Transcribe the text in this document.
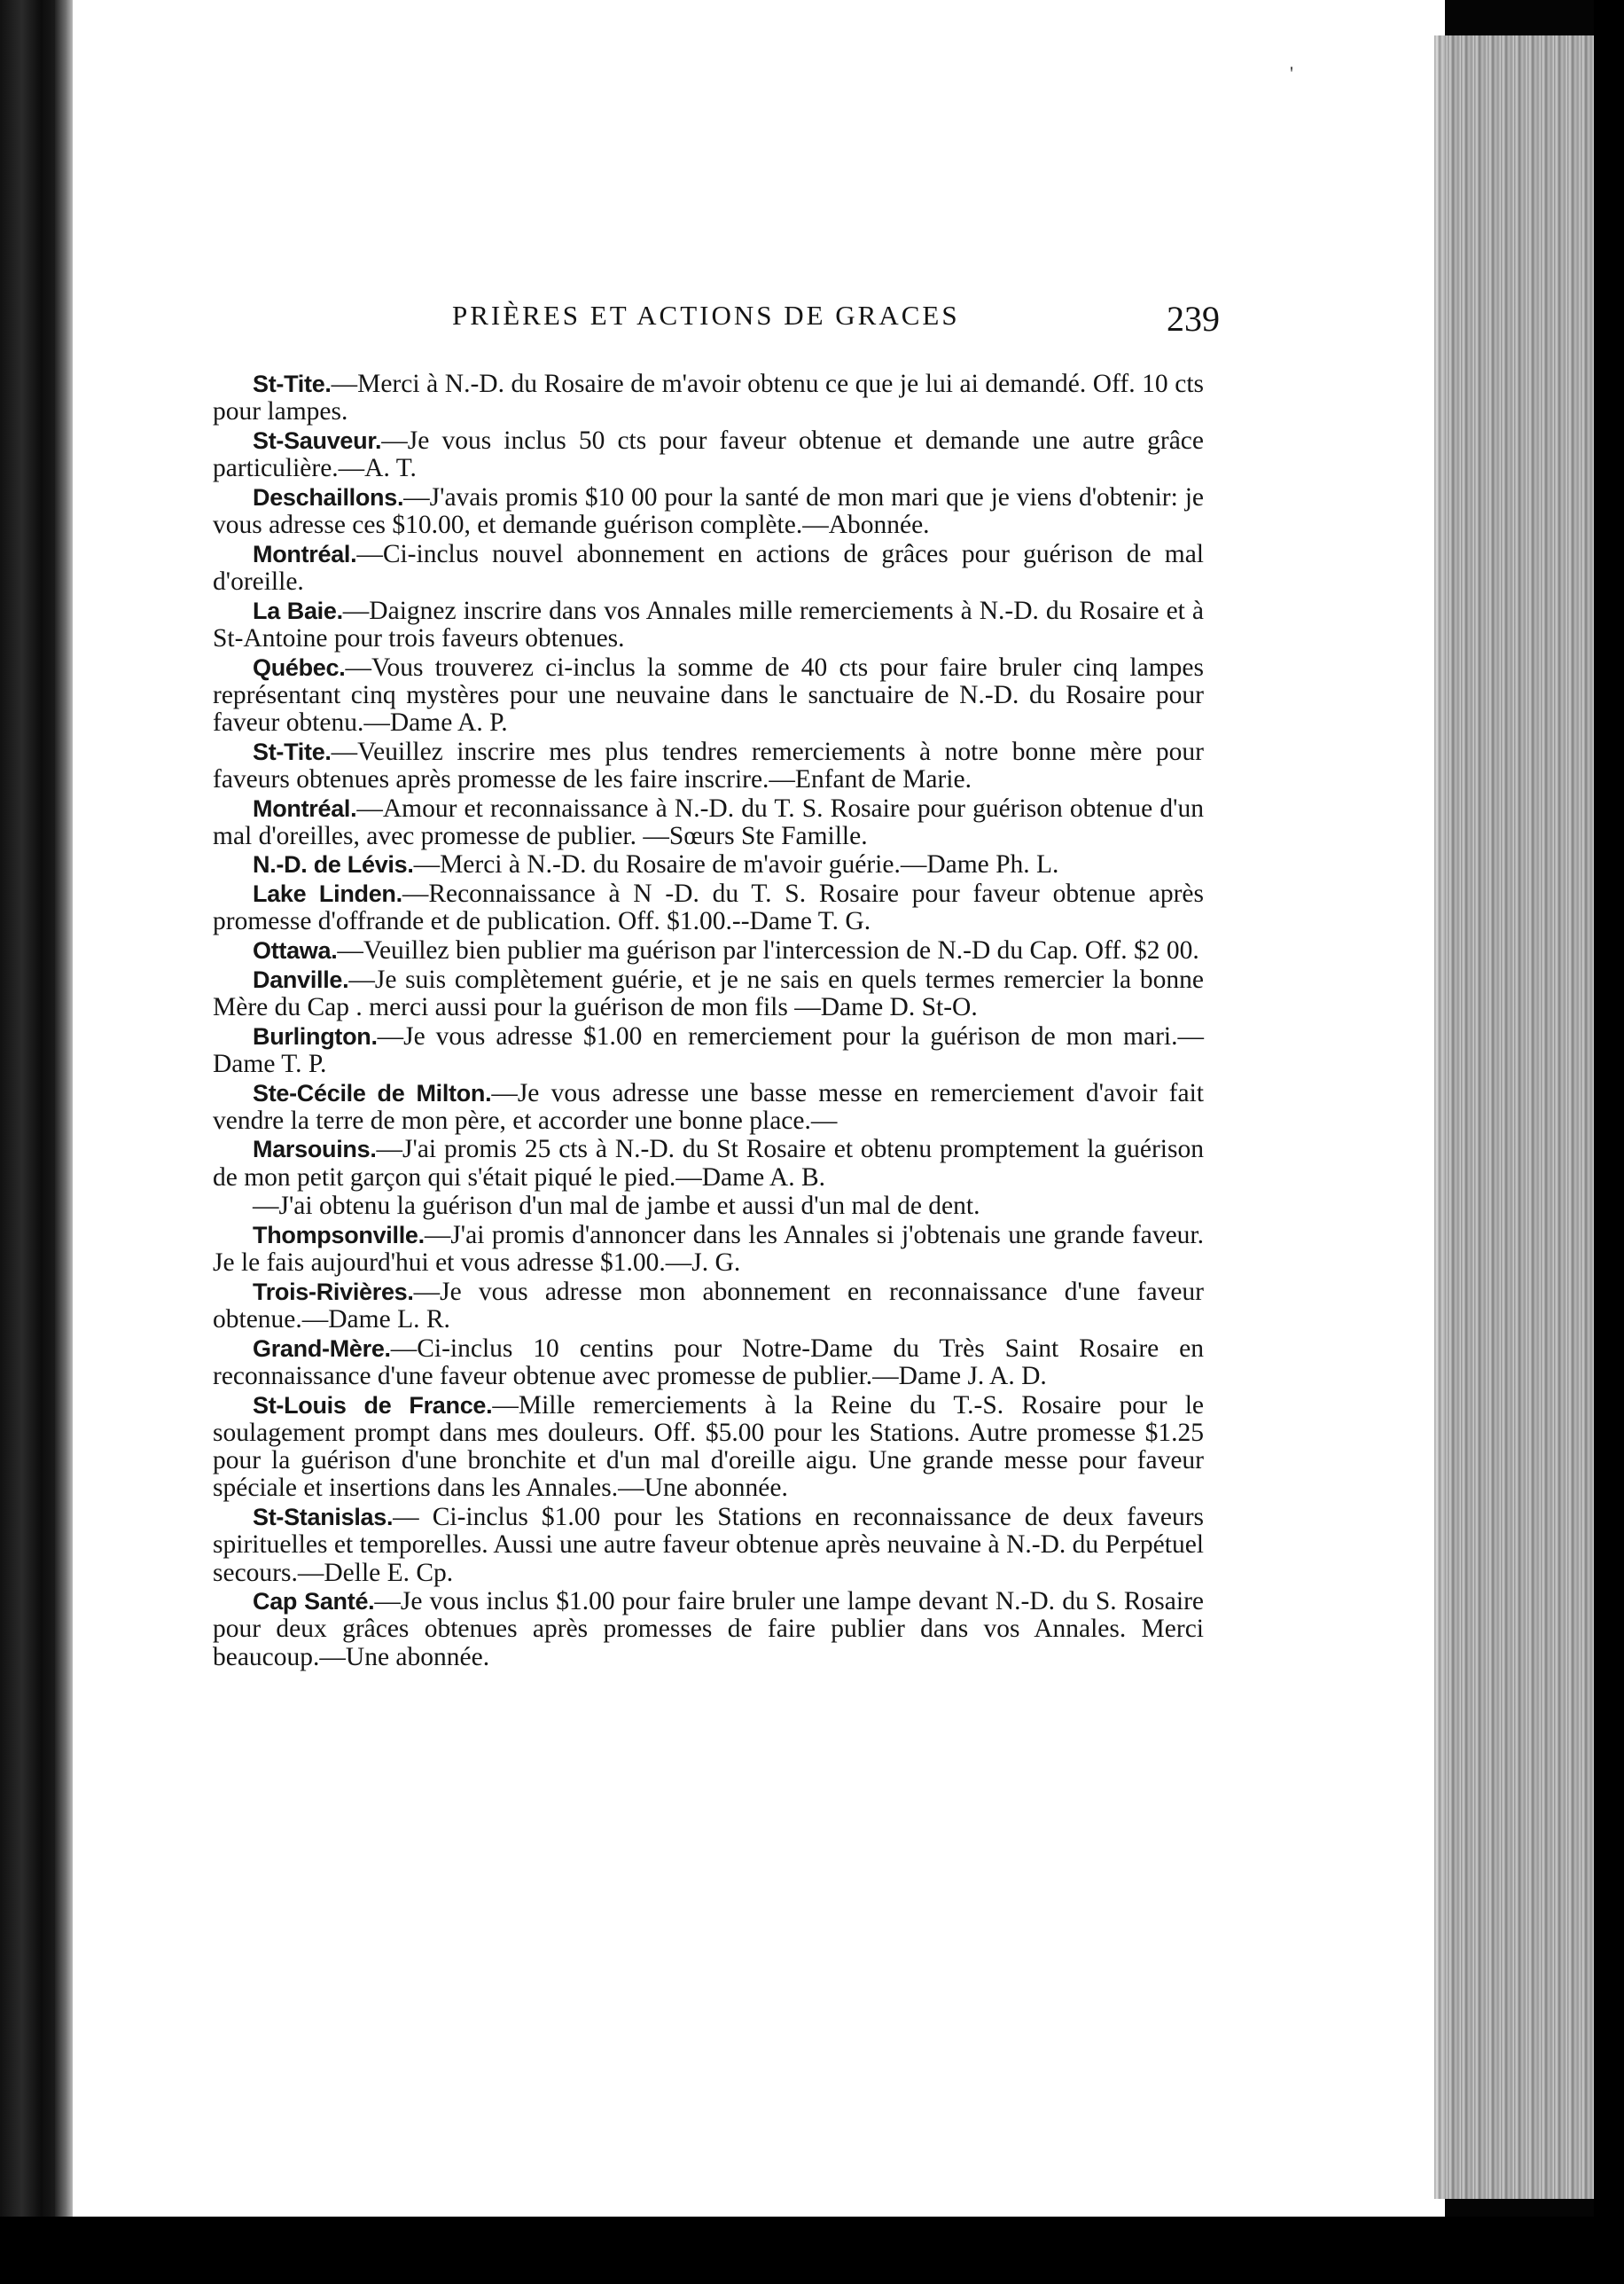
PRIÈRES ET ACTIONS DE GRACES	239

St-Tite.—Merci à N.-D. du Rosaire de m'avoir obtenu ce que je lui ai demandé. Off. 10 cts pour lampes.

St-Sauveur.—Je vous inclus 50 cts pour faveur obtenue et demande une autre grâce particulière.—A. T.

Deschaillons.—J'avais promis $10 00 pour la santé de mon mari que je viens d'obtenir: je vous adresse ces $10.00, et demande guérison complète.—Abonnée.

Montréal.—Ci-inclus nouvel abonnement en actions de grâces pour guérison de mal d'oreille.

La Baie.—Daignez inscrire dans vos Annales mille remerciements à N.-D. du Rosaire et à St-Antoine pour trois faveurs obtenues.

Québec.—Vous trouverez ci-inclus la somme de 40 cts pour faire bruler cinq lampes représentant cinq mystères pour une neuvaine dans le sanctuaire de N.-D. du Rosaire pour faveur obtenu.—Dame A. P.

St-Tite.—Veuillez inscrire mes plus tendres remerciements à notre bonne mère pour faveurs obtenues après promesse de les faire inscrire.—Enfant de Marie.

Montréal.—Amour et reconnaissance à N.-D. du T. S. Rosaire pour guérison obtenue d'un mal d'oreilles, avec promesse de publier. —Sœurs Ste Famille.

N.-D. de Lévis.—Merci à N.-D. du Rosaire de m'avoir guérie.—Dame Ph. L.

Lake Linden.—Reconnaissance à N -D. du T. S. Rosaire pour faveur obtenue après promesse d'offrande et de publication. Off. $1.00.--Dame T. G.

Ottawa.—Veuillez bien publier ma guérison par l'intercession de N.-D du Cap. Off. $2 00.

Danville.—Je suis complètement guérie, et je ne sais en quels termes remercier la bonne Mère du Cap . merci aussi pour la guérison de mon fils —Dame D. St-O.

Burlington.—Je vous adresse $1.00 en remerciement pour la guérison de mon mari.—Dame T. P.

Ste-Cécile de Milton.—Je vous adresse une basse messe en remerciement d'avoir fait vendre la terre de mon père, et accorder une bonne place.—

Marsouins.—J'ai promis 25 cts à N.-D. du St Rosaire et obtenu promptement la guérison de mon petit garçon qui s'était piqué le pied.—Dame A. B.

—J'ai obtenu la guérison d'un mal de jambe et aussi d'un mal de dent.

Thompsonville.—J'ai promis d'annoncer dans les Annales si j'obtenais une grande faveur. Je le fais aujourd'hui et vous adresse $1.00.—J. G.

Trois-Rivières.—Je vous adresse mon abonnement en reconnaissance d'une faveur obtenue.—Dame L. R.

Grand-Mère.—Ci-inclus 10 centins pour Notre-Dame du Très Saint Rosaire en reconnaissance d'une faveur obtenue avec promesse de publier.—Dame J. A. D.

St-Louis de France.—Mille remerciements à la Reine du T.-S. Rosaire pour le soulagement prompt dans mes douleurs. Off. $5.00 pour les Stations. Autre promesse $1.25 pour la guérison d'une bronchite et d'un mal d'oreille aigu. Une grande messe pour faveur spéciale et insertions dans les Annales.—Une abonnée.

St-Stanislas.— Ci-inclus $1.00 pour les Stations en reconnaissance de deux faveurs spirituelles et temporelles. Aussi une autre faveur obtenue après neuvaine à N.-D. du Perpétuel secours.—Delle E. Cp.

Cap Santé.—Je vous inclus $1.00 pour faire bruler une lampe devant N.-D. du S. Rosaire pour deux grâces obtenues après promesses de faire publier dans vos Annales. Merci beaucoup.—Une abonnée.

'
